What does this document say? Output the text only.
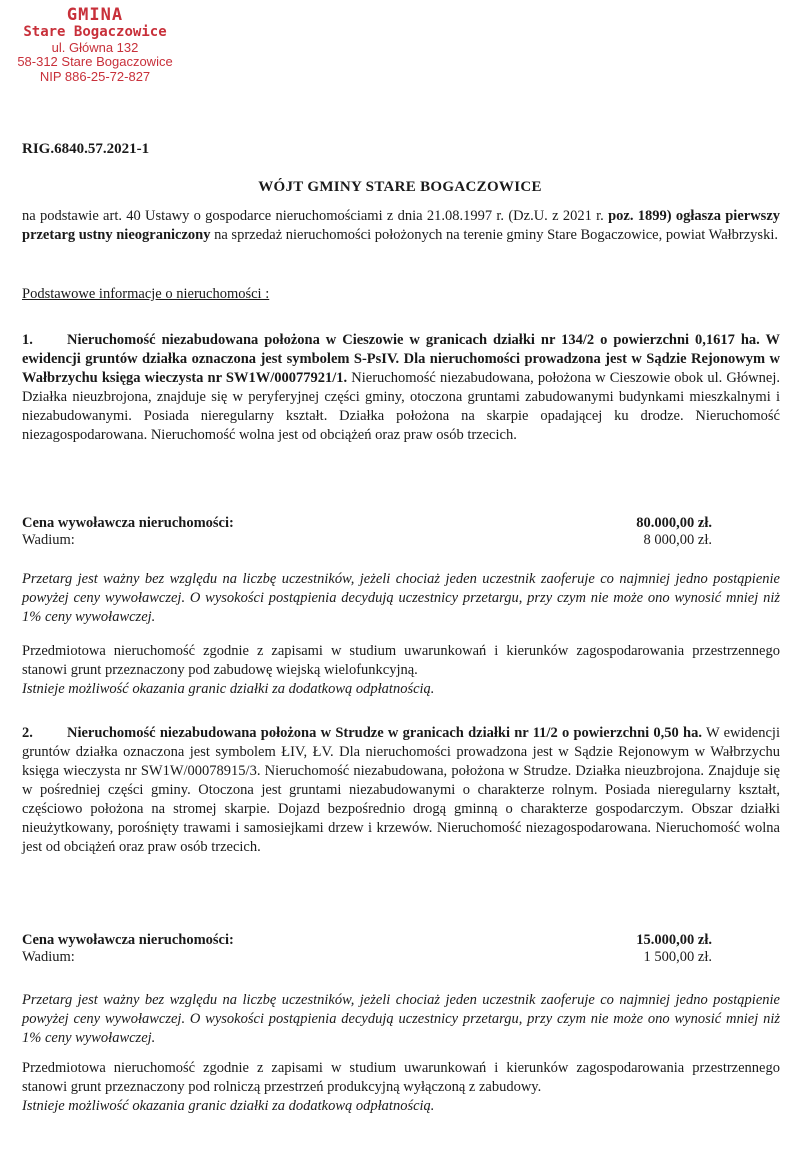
GMINA
Stare Bogaczowice
ul. Główna 132
58-312 Stare Bogaczowice
NIP 886-25-72-827
RIG.6840.57.2021-1
WÓJT GMINY STARE BOGACZOWICE
na podstawie art. 40 Ustawy o gospodarce nieruchomościami z dnia 21.08.1997 r. (Dz.U. z 2021 r. poz. 1899) ogłasza pierwszy przetarg ustny nieograniczony na sprzedaż nieruchomości położonych na terenie gminy Stare Bogaczowice, powiat Wałbrzyski.
Podstawowe informacje o nieruchomości :
1. Nieruchomość niezabudowana położona w Cieszowie w granicach działki nr 134/2 o powierzchni 0,1617 ha. W ewidencji gruntów działka oznaczona jest symbolem S-PsIV. Dla nieruchomości prowadzona jest w Sądzie Rejonowym w Wałbrzychu księga wieczysta nr SW1W/00077921/1. Nieruchomość niezabudowana, położona w Cieszowie obok ul. Głównej. Działka nieuzbrojona, znajduje się w peryferyjnej części gminy, otoczona gruntami zabudowanymi budynkami mieszkalnymi i niezabudowanymi. Posiada nieregularny kształt. Działka położona na skarpie opadającej ku drodze. Nieruchomość niezagospodarowana. Nieruchomość wolna jest od obciążeń oraz praw osób trzecich.
Cena wywoławcza nieruchomości:	80.000,00 zł.
Wadium:	8 000,00 zł.
Przetarg jest ważny bez względu na liczbę uczestników, jeżeli chociaż jeden uczestnik zaoferuje co najmniej jedno postąpienie powyżej ceny wywoławczej. O wysokości postąpienia decydują uczestnicy przetargu, przy czym nie może ono wynosić mniej niż 1% ceny wywoławczej.
Przedmiotowa nieruchomość zgodnie z zapisami w studium uwarunkowań i kierunków zagospodarowania przestrzennego stanowi grunt przeznaczony pod zabudowę wiejską wielofunkcyjną.
Istnieje możliwość okazania granic działki za dodatkową odpłatnością.
2. Nieruchomość niezabudowana położona w Strudze w granicach działki nr 11/2 o powierzchni 0,50 ha. W ewidencji gruntów działka oznaczona jest symbolem ŁIV, ŁV. Dla nieruchomości prowadzona jest w Sądzie Rejonowym w Wałbrzychu księga wieczysta nr SW1W/00078915/3. Nieruchomość niezabudowana, położona w Strudze. Działka nieuzbrojona. Znajduje się w pośredniej części gminy. Otoczona jest gruntami niezabudowanymi o charakterze rolnym. Posiada nieregularny kształt, częściowo położona na stromej skarpie. Dojazd bezpośrednio drogą gminną o charakterze gospodarczym. Obszar działki nieużytkowany, porośnięty trawami i samosiejkami drzew i krzewów. Nieruchomość niezagospodarowana. Nieruchomość wolna jest od obciążeń oraz praw osób trzecich.
Cena wywoławcza nieruchomości:	15.000,00 zł.
Wadium:	1 500,00 zł.
Przetarg jest ważny bez względu na liczbę uczestników, jeżeli chociaż jeden uczestnik zaoferuje co najmniej jedno postąpienie powyżej ceny wywoławczej. O wysokości postąpienia decydują uczestnicy przetargu, przy czym nie może ono wynosić mniej niż 1% ceny wywoławczej.
Przedmiotowa nieruchomość zgodnie z zapisami w studium uwarunkowań i kierunków zagospodarowania przestrzennego stanowi grunt przeznaczony pod rolniczą przestrzeń produkcyjną wyłączoną z zabudowy.
Istnieje możliwość okazania granic działki za dodatkową odpłatnością.
